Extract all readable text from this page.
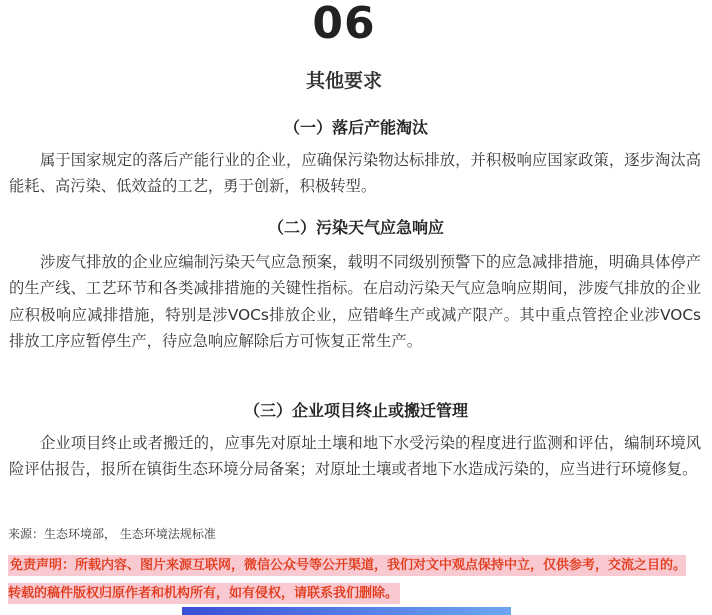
06
其他要求
（一）落后产能淘汰

属于国家规定的落后产能行业的企业，应确保污染物达标排放，并积极响应国家政策，逐步淘汰高能耗、高污染、低效益的工艺，勇于创新，积极转型。

（二）污染天气应急响应

涉废气排放的企业应编制污染天气应急预案，载明不同级别预警下的应急减排措施，明确具体停产的生产线、工艺环节和各类减排措施的关键性指标。在启动污染天气应急响应期间，涉废气排放的企业应积极响应减排措施，特别是涉VOCs排放企业，应错峰生产或减产限产。其中重点管控企业涉VOCs排放工序应暂停生产，待应急响应解除后方可恢复正常生产。

（三）企业项目终止或搬迁管理

企业项目终止或者搬迁的，应事先对原址土壤和地下水受污染的程度进行监测和评估，编制环境风险评估报告，报所在镇街生态环境分局备案；对原址土壤或者地下水造成污染的，应当进行环境修复。

来源：生态环境部， 生态环境法规标准

免责声明：所载内容、图片来源互联网，微信公众号等公开渠道，我们对文中观点保持中立，仅供参考，交流之目的。转载的稿件版权归原作者和机构所有，如有侵权，请联系我们删除。
